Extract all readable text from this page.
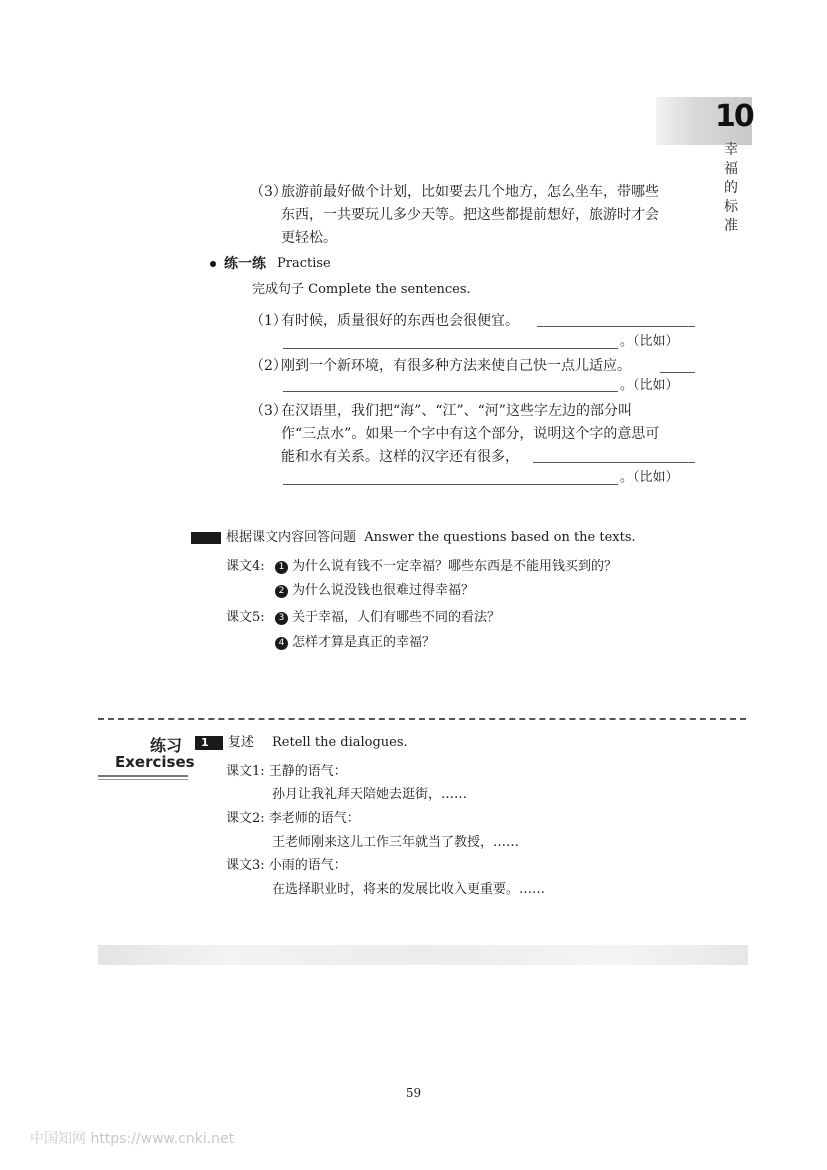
10
幸福的标准
（3）
旅游前最好做个计划，比如要去几个地方，怎么坐车，带哪些
东西，一共要玩儿多少天等。把这些都提前想好，旅游时才会
更轻松。
练一练 Practise
完成句子 Complete the sentences.
（1）
有时候，质量很好的东西也会很便宜。
。（比如）
（2）
刚到一个新环境，有很多种方法来使自己快一点儿适应。
。（比如）
（3）
在汉语里，我们把“海”、“江”、“河”这些字左边的部分叫
作“三点水”。如果一个字中有这个部分，说明这个字的意思可
能和水有关系。这样的汉字还有很多，
。（比如）
根据课文内容回答问题  Answer the questions based on the texts.
课文4:	1 为什么说有钱不一定幸福？哪些东西是不能用钱买到的？
2 为什么说没钱也很难过得幸福？
课文5:	3 关于幸福，人们有哪些不同的看法？
4 怎样才算是真正的幸福？
练习
Exercises
1	复述 Retell the dialogues.
课文1: 王静的语气：
孙月让我礼拜天陪她去逛街，……
课文2: 李老师的语气：
王老师刚来这儿工作三年就当了教授，……
课文3: 小雨的语气：
在选择职业时，将来的发展比收入更重要。……
59
中国知网 https://www.cnki.net
